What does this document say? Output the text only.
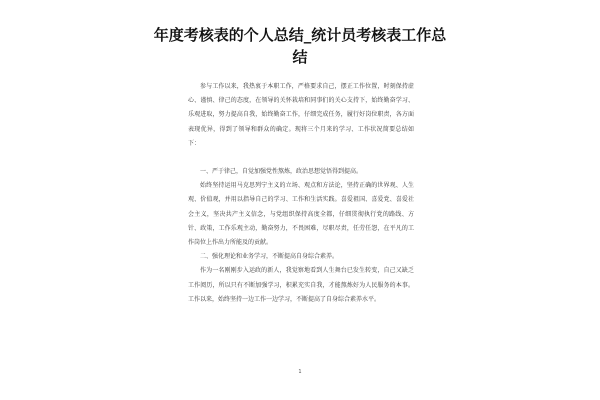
年度考核表的个人总结_统计员考核表工作总结

参与工作以来，我热衷于本职工作，严格要求自己，摆正工作位置，时刻保持虚心、谨慎、律己的态度，在领导的关怀栽培和同事们的关心支持下，始终勤奋学习、乐观进取，努力提高自我，始终勤奋工作，仔细完成任务，履行好岗位职责，各方面表现优异，得到了领导和群众的确定。现将三个月来的学习、工作状况简要总结如下：

一、严于律己，自觉加强党性熬炼，政治思想觉悟得到提高。

始终坚持运用马克思列宁主义的立场、观点和方法论，坚持正确的世界观、人生观、价值观，并用以指导自己的学习、工作和生活实践。喜爱祖国、喜爱党、喜爱社会主义，坚决共产主义信念，与党组织保持高度全都，仔细贯彻执行党的路线、方针、政策，工作乐观主动，勤奋努力，不畏困难，尽职尽责，任劳任怨，在平凡的工作岗位上作出力所能及的贡献。

二、强化理论和业务学习，不断提高自身综合素养。

作为一名刚刚步入运政的新人，我觉察地看到人生舞台已发生转变，自己又缺乏工作阅历，所以只有不断加强学习，积累充实自我，才能熬炼好为人民服务的本事。工作以来，始终坚持一边工作一边学习，不断提高了自身综合素养水平。

1
